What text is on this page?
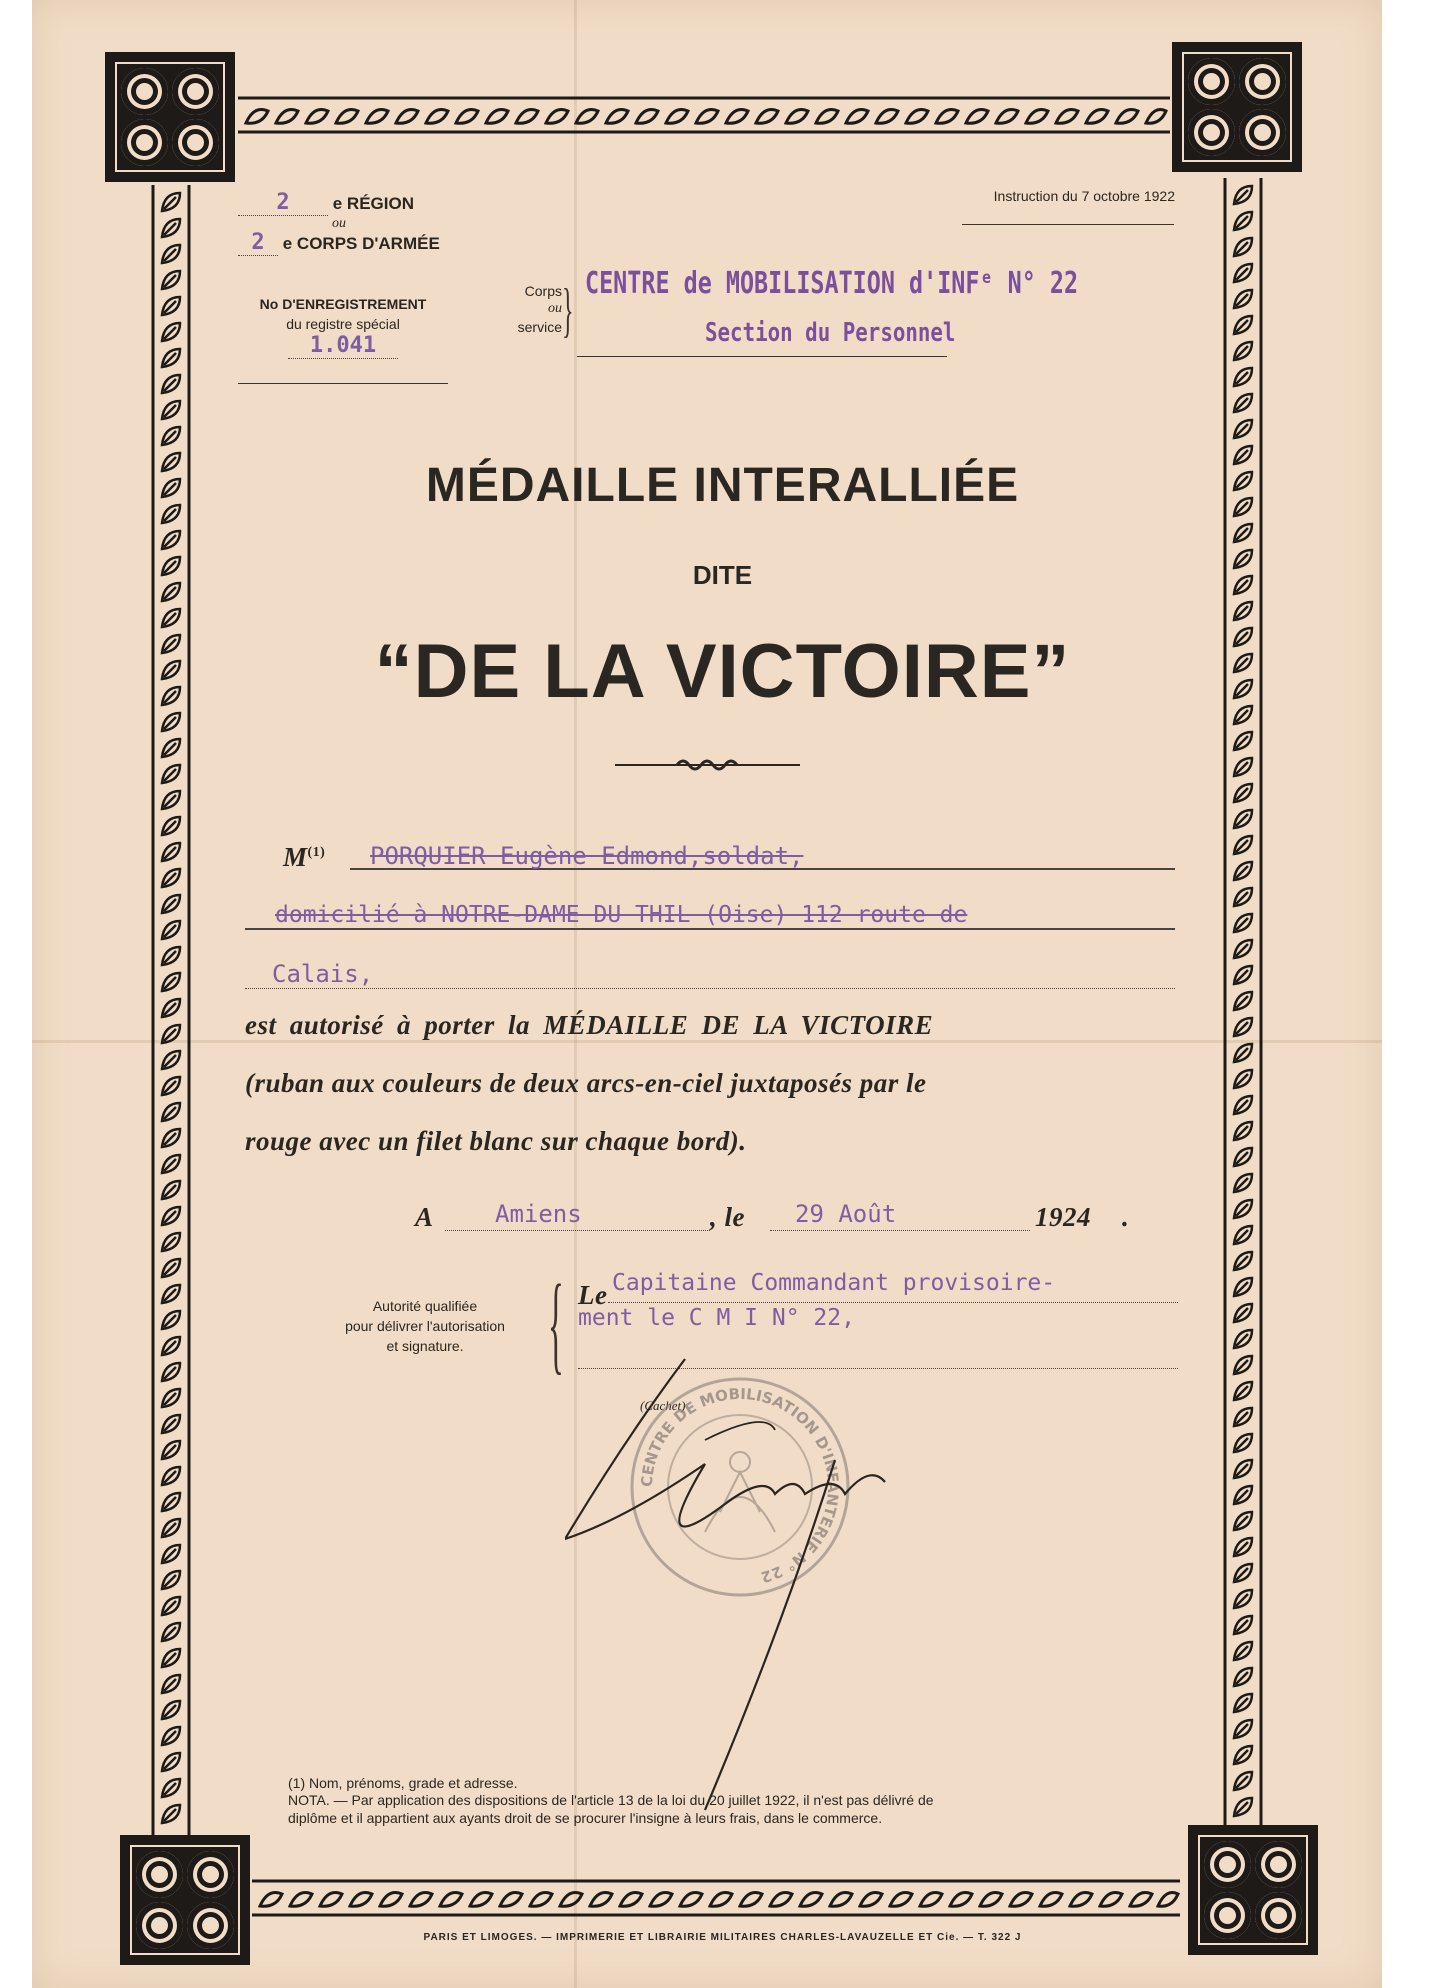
2	e RÉGION
ou
2 e CORPS D'ARMÉE
No D'ENREGISTREMENT
du registre spécial
1.041
Instruction du 7 octobre 1922
Corps
ou
service } CENTRE de MOBILISATION d'INFᵉ N° 22
Section du Personnel
MÉDAILLE INTERALLIÉE
DITE
“DE LA VICTOIRE”
$M^{(1)}$ PORQUIER Eugène Edmond,soldat,
domicilié à NOTRE-DAME DU THIL (Oise) 112 route de
Calais,
est autorisé à porter la MÉDAILLE DE LA VICTOIRE
(ruban aux couleurs de deux arcs-en-ciel juxtaposés par le
rouge avec un filet blanc sur chaque bord).
A	Amiens	, le 29 Août	1924 .
Autorité qualifiée
pour délivrer l'autorisation
et signature. { Le Capitaine Commandant provisoire-
ment le C M I N° 22,
(Cachet)
CENTRE DE MOBILISATION D'INFANTERIE N° 22
(1) Nom, prénoms, grade et adresse.
NOTA. — Par application des dispositions de l'article 13 de la loi du 20 juillet 1922, il n'est pas délivré de
diplôme et il appartient aux ayants droit de se procurer l'insigne à leurs frais, dans le commerce.
PARIS ET LIMOGES. — IMPRIMERIE ET LIBRAIRIE MILITAIRES CHARLES-LAVAUZELLE ET Cie. — T. 322 J
